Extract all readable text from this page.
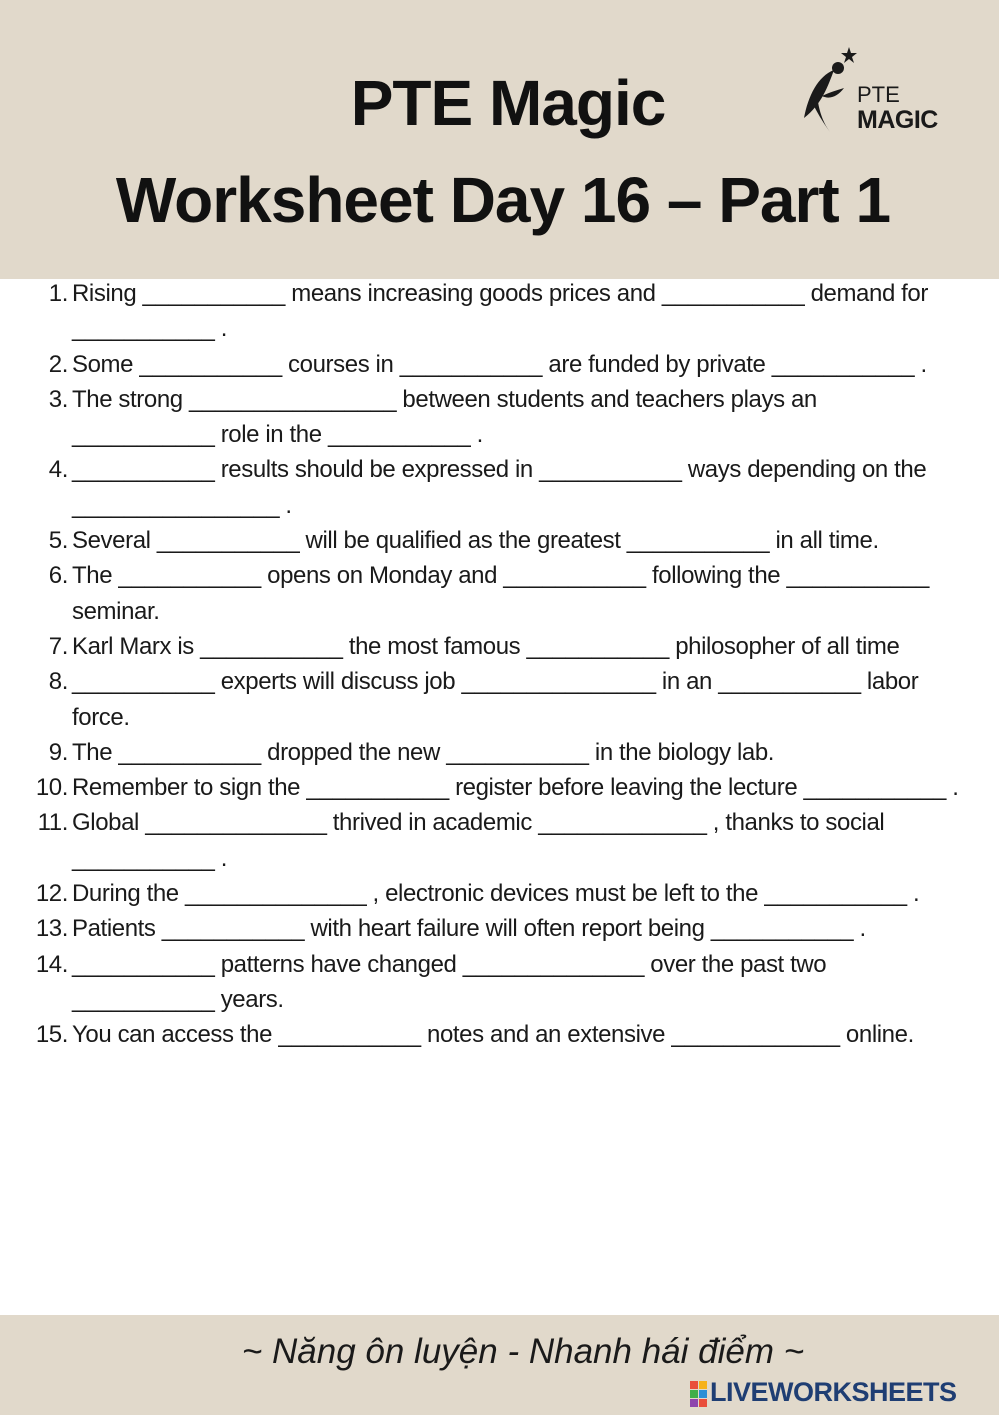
PTE Magic
Worksheet Day 16 – Part 1
PTE
MAGIC
1. Rising ___________ means increasing goods prices and ___________ demand for ___________ .
2. Some ___________ courses in ___________ are funded by private ___________ .
3. The strong ________________ between students and teachers plays an ___________ role in the ___________ .
4. ___________ results should be expressed in ___________ ways depending on the ________________ .
5. Several ___________ will be qualified as the greatest ___________ in all time.
6. The ___________ opens on Monday and ___________ following the ___________ seminar.
7. Karl Marx is ___________ the most famous ___________ philosopher of all time
8. ___________ experts will discuss job _______________ in an ___________ labor force.
9. The ___________ dropped the new ___________ in the biology lab.
10. Remember to sign the ___________ register before leaving the lecture ___________ .
11. Global ______________ thrived in academic _____________ , thanks to social ___________ .
12. During the ______________ , electronic devices must be left to the ___________ .
13. Patients ___________ with heart failure will often report being ___________ .
14. ___________ patterns have changed ______________ over the past two ___________ years.
15. You can access the ___________ notes and an extensive _____________ online.
~ Năng ôn luyện - Nhanh hái điểm ~
LIVEWORKSHEETS
